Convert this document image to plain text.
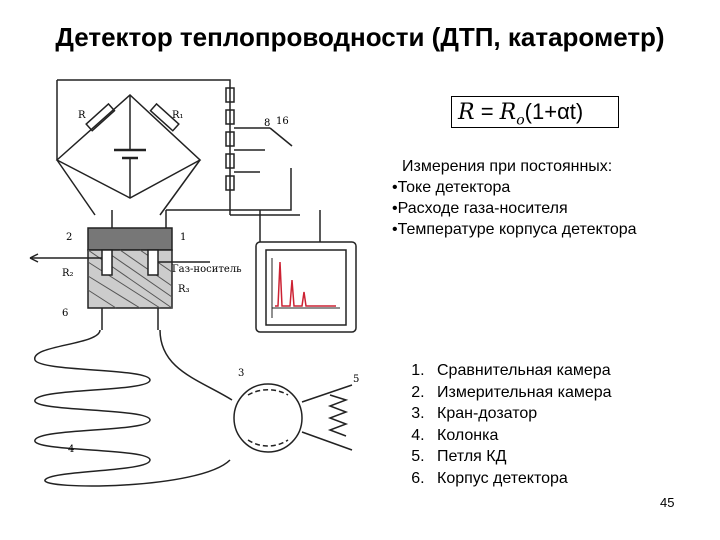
Детектор теплопроводности (ДТП, катарометр)
R	R₁
R₂
R₃
Газ-носитель
1
2
3
4
5
6
8 16	$R = R_o(1+\alpha t)$
Измерения при постоянных:
• Токе детектора
• Расходе газа-носителя
• Температуре корпуса детектора
1. Сравнительная камера
2. Измерительная камера
3. Кран-дозатор
4. Колонка
5. Петля КД
6. Корпус детектора
45
